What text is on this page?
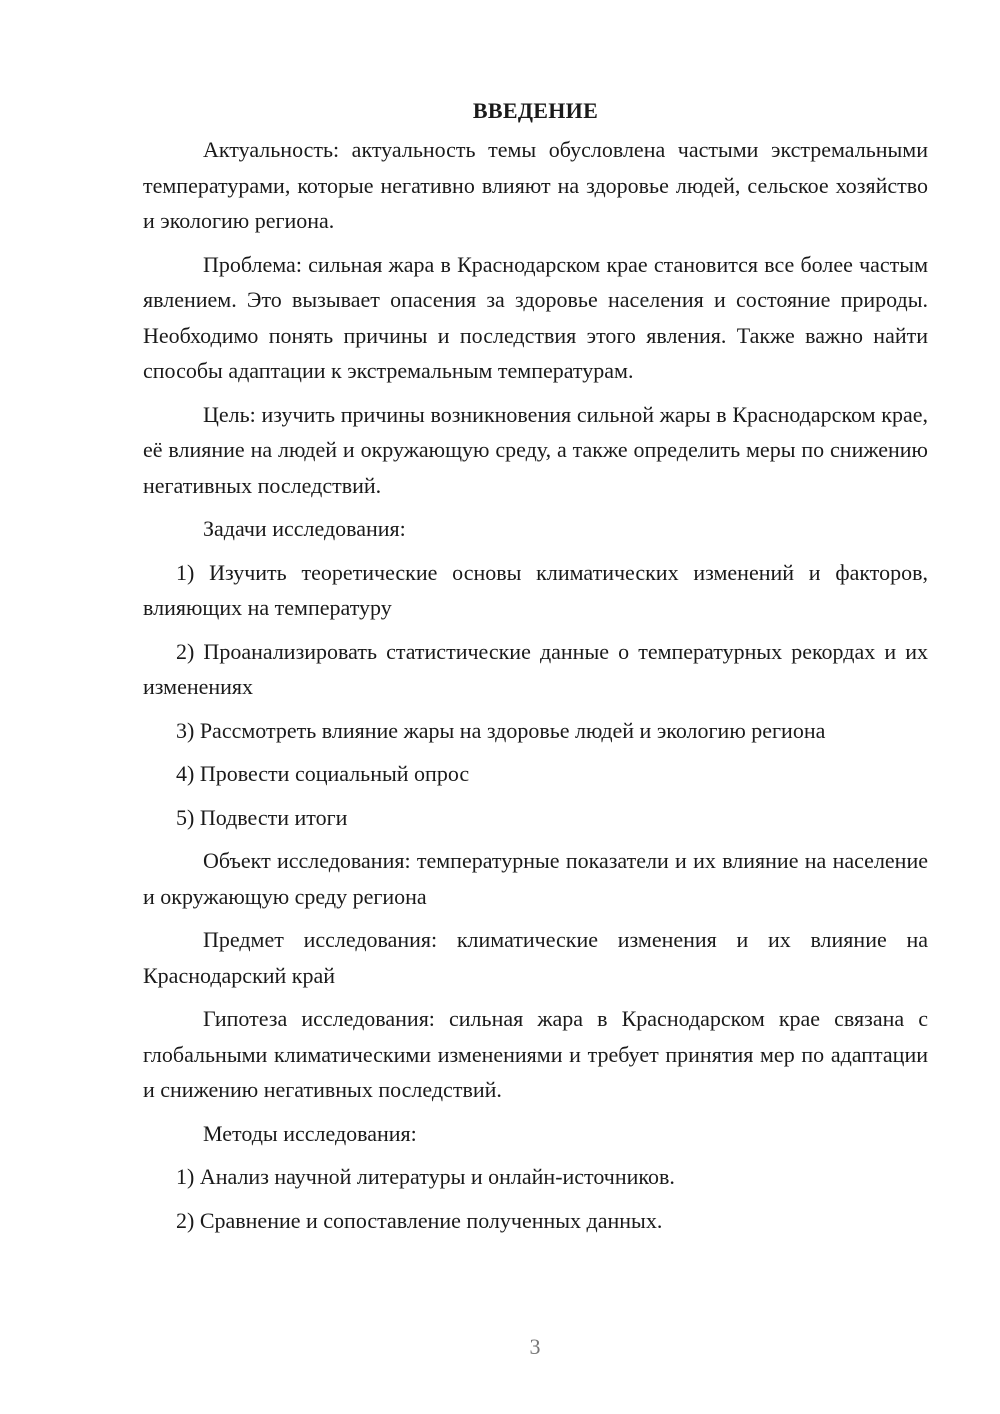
ВВЕДЕНИЕ

Актуальность: актуальность темы обусловлена частыми экстремальными температурами, которые негативно влияют на здоровье людей, сельское хозяйство и экологию региона.

Проблема: сильная жара в Краснодарском крае становится все более частым явлением. Это вызывает опасения за здоровье населения и состояние природы. Необходимо понять причины и последствия этого явления. Также важно найти способы адаптации к экстремальным температурам.

Цель: изучить причины возникновения сильной жары в Краснодарском крае, её влияние на людей и окружающую среду, а также определить меры по снижению негативных последствий.

Задачи исследования:

1) Изучить теоретические основы климатических изменений и факторов, влияющих на температуру

2) Проанализировать статистические данные о температурных рекордах и их изменениях

3) Рассмотреть влияние жары на здоровье людей и экологию региона

4) Провести социальный опрос

5) Подвести итоги

Объект исследования: температурные показатели и их влияние на население и окружающую среду региона

Предмет исследования: климатические изменения и их влияние на Краснодарский край

Гипотеза исследования: сильная жара в Краснодарском крае связана с глобальными климатическими изменениями и требует принятия мер по адаптации и снижению негативных последствий.

Методы исследования:

1) Анализ научной литературы и онлайн-источников.

2) Сравнение и сопоставление полученных данных.

3
